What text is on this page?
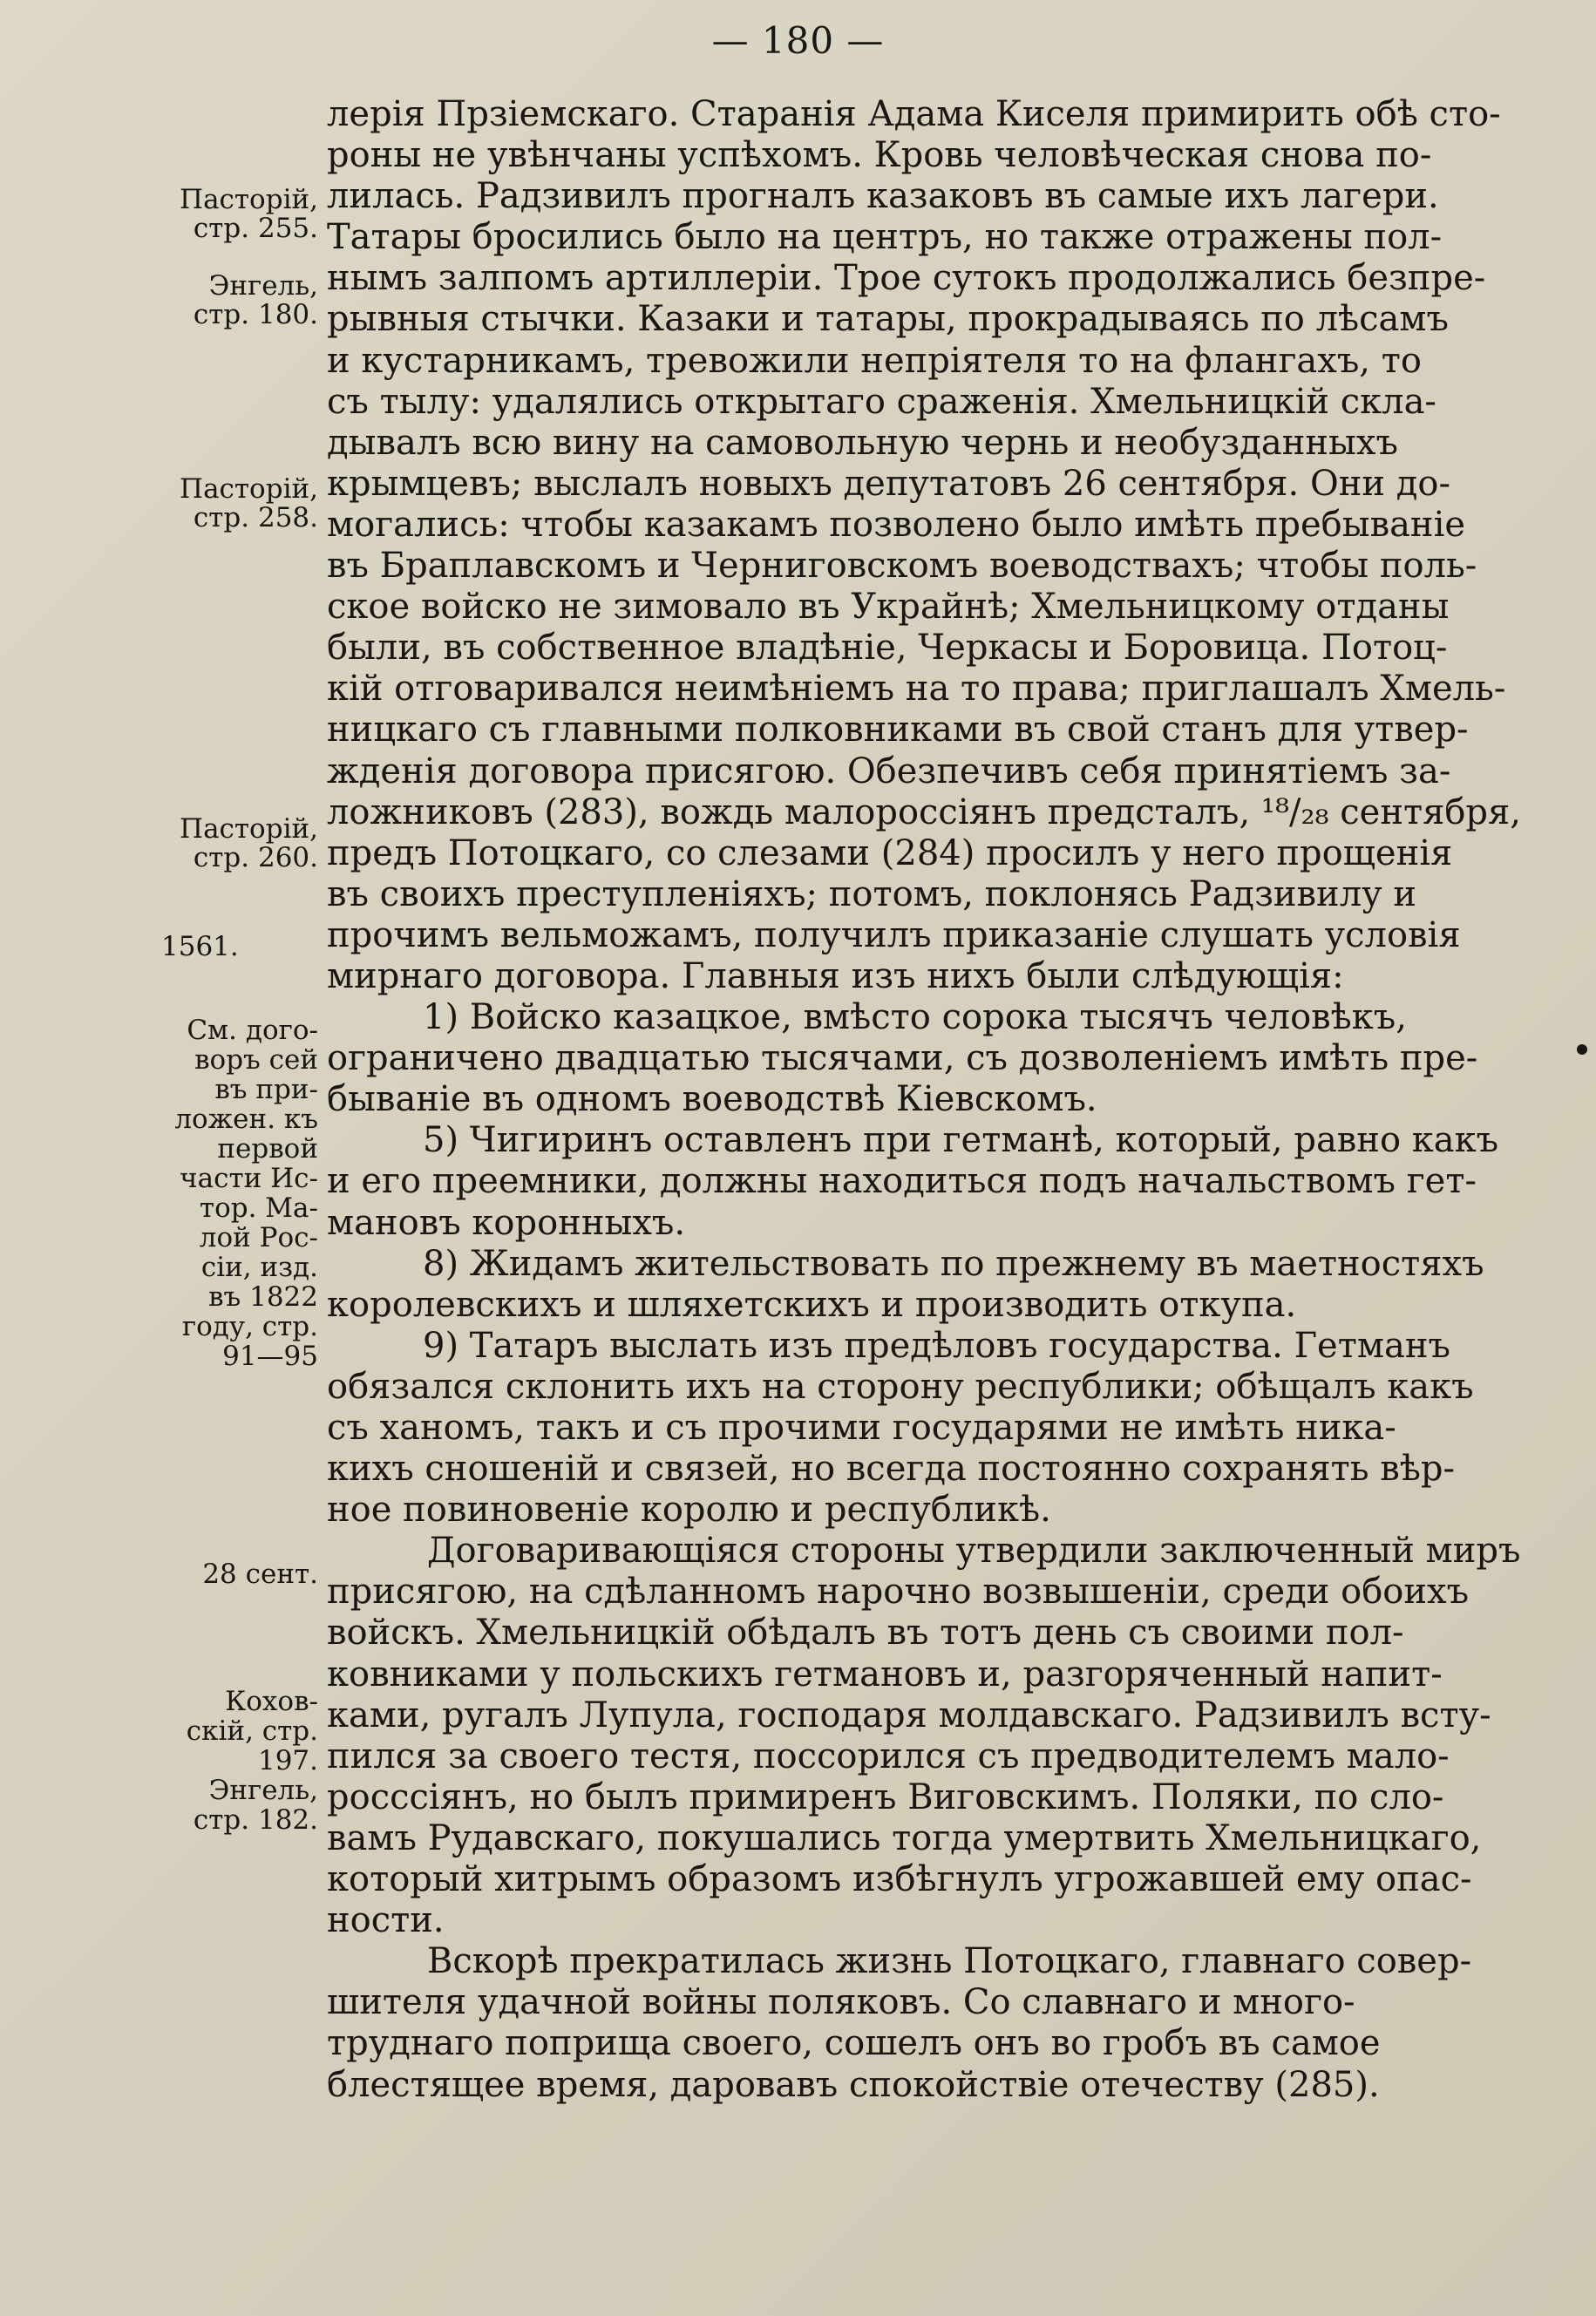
— 180 —
лерія Прзіемскаго. Старанія Адама Киселя примирить обѣ сто-
роны не увѣнчаны успѣхомъ. Кровь человѣческая снова по-
лилась. Радзивилъ прогналъ казаковъ въ самые ихъ лагери.
Татары бросились было на центръ, но также отражены пол-
нымъ залпомъ артиллеріи. Трое сутокъ продолжались безпре-
рывныя стычки. Казаки и татары, прокрадываясь по лѣсамъ
и кустарникамъ, тревожили непріятеля то на флангахъ, то
съ тылу: удалялись открытаго сраженія. Хмельницкій скла-
дывалъ всю вину на самовольную чернь и необузданныхъ
крымцевъ; выслалъ новыхъ депутатовъ 26 сентября. Они до-
могались: чтобы казакамъ позволено было имѣть пребываніе
въ Браплавскомъ и Черниговскомъ воеводствахъ; чтобы поль-
ское войско не зимовало въ Украйнѣ; Хмельницкому отданы
были, въ собственное владѣніе, Черкасы и Боровица. Потоц-
кій отговаривался неимѣніемъ на то права; приглашалъ Хмель-
ницкаго съ главными полковниками въ свой станъ для утвер-
жденія договора присягою. Обезпечивъ себя принятіемъ за-
ложниковъ (283), вождь малороссіянъ предсталъ, ¹⁸/₂₈ сентября,
предъ Потоцкаго, со слезами (284) просилъ у него прощенія
въ своихъ преступленіяхъ; потомъ, поклонясь Радзивилу и
прочимъ вельможамъ, получилъ приказаніе слушать условія
мирнаго договора. Главныя изъ нихъ были слѣдующія:
1) Войско казацкое, вмѣсто сорока тысячъ человѣкъ,
ограничено двадцатью тысячами, съ дозволеніемъ имѣть пре-
быванiе въ одномъ воеводствѣ Кiевскомъ.
5) Чигиринъ оставленъ при гетманѣ, который, равно какъ
и его преемники, должны находиться подъ начальствомъ гет-
мановъ коронныхъ.
8) Жидамъ жительствовать по прежнему въ маетностяхъ
королевскихъ и шляхетскихъ и производить откупа.
9) Татаръ выслать изъ предѣловъ государства. Гетманъ
обязался склонить ихъ на сторону республики; обѣщалъ какъ
съ ханомъ, такъ и съ прочими государями не имѣть ника-
кихъ сношеній и связей, но всегда постоянно сохранять вѣр-
ное повиновеніе королю и республикѣ.
Договаривающіяся стороны утвердили заключенный миръ
присягою, на сдѣланномъ нарочно возвышеніи, среди обоихъ
войскъ. Хмельницкій обѣдалъ въ тотъ день съ своими пол-
ковниками у польскихъ гетмановъ и, разгоряченный напит-
ками, ругалъ Лупула, господаря молдавскаго. Радзивилъ всту-
пился за своего тестя, поссорился съ предводителемъ мало-
росссіянъ, но былъ примиренъ Виговскимъ. Поляки, по сло-
вамъ Рудавскаго, покушались тогда умертвить Хмельницкаго,
который хитрымъ образомъ избѣгнулъ угрожавшей ему опас-
ности.
Вскорѣ прекратилась жизнь Потоцкаго, главнаго совер-
шителя удачной войны поляковъ. Со славнаго и много-
труднаго поприща своего, сошелъ онъ во гробъ въ самое
блестящее время, даровавъ спокойствіе отечеству (285).
Пасторій,
стр. 255.
Энгель,
стр. 180.
Пасторій,
стр. 258.
Пасторій,
стр. 260.
1561.
См. дого-
воръ сей
въ при-
ложен. къ
первой
части Ис-
тор. Ма-
лой Рос-
сіи, изд.
въ 1822
году, стр.
91—95
28 сент.
Кохов-
скій, стр.
197.
Энгель,
стр. 182.
